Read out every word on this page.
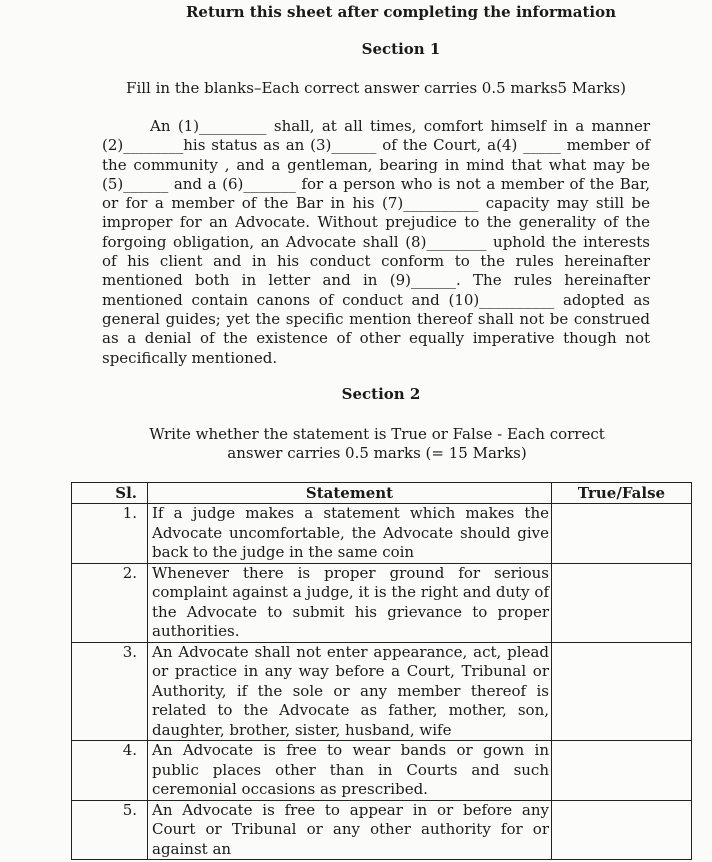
Return this sheet after completing the information
Section 1
Fill in the blanks–Each correct answer carries 0.5 marks5 Marks)
An (1)_________ shall, at all times, comfort himself in a manner (2)________his status as an (3)______ of the Court, a(4) _____ member of the community , and a gentleman, bearing in mind that what may be (5)______ and a (6)_______ for a person who is not a member of the Bar, or for a member of the Bar in his (7)__________ capacity may still be improper for an Advocate. Without prejudice to the generality of the forgoing obligation, an Advocate shall (8)________ uphold the interests of his client and in his conduct conform to the rules hereinafter mentioned both in letter and in (9)______. The rules hereinafter mentioned contain canons of conduct and (10)__________ adopted as general guides; yet the specific mention thereof shall not be construed as a denial of the existence of other equally imperative though not specifically mentioned.
Section 2
Write whether the statement is True or False - Each correct answer carries 0.5 marks (= 15 Marks)
Sl.	Statement	True/False
1.	If a judge makes a statement which makes the Advocate uncomfortable, the Advocate should give back to the judge in the same coin	
2.	Whenever there is proper ground for serious complaint against a judge, it is the right and duty of the Advocate to submit his grievance to proper authorities.	
3.	An Advocate shall not enter appearance, act, plead or practice in any way before a Court, Tribunal or Authority, if the sole or any member thereof is related to the Advocate as father, mother, son, daughter, brother, sister, husband, wife	
4.	An Advocate is free to wear bands or gown in public places other than in Courts and such ceremonial occasions as prescribed.	
5.	An Advocate is free to appear in or before any Court or Tribunal or any other authority for or against an	
